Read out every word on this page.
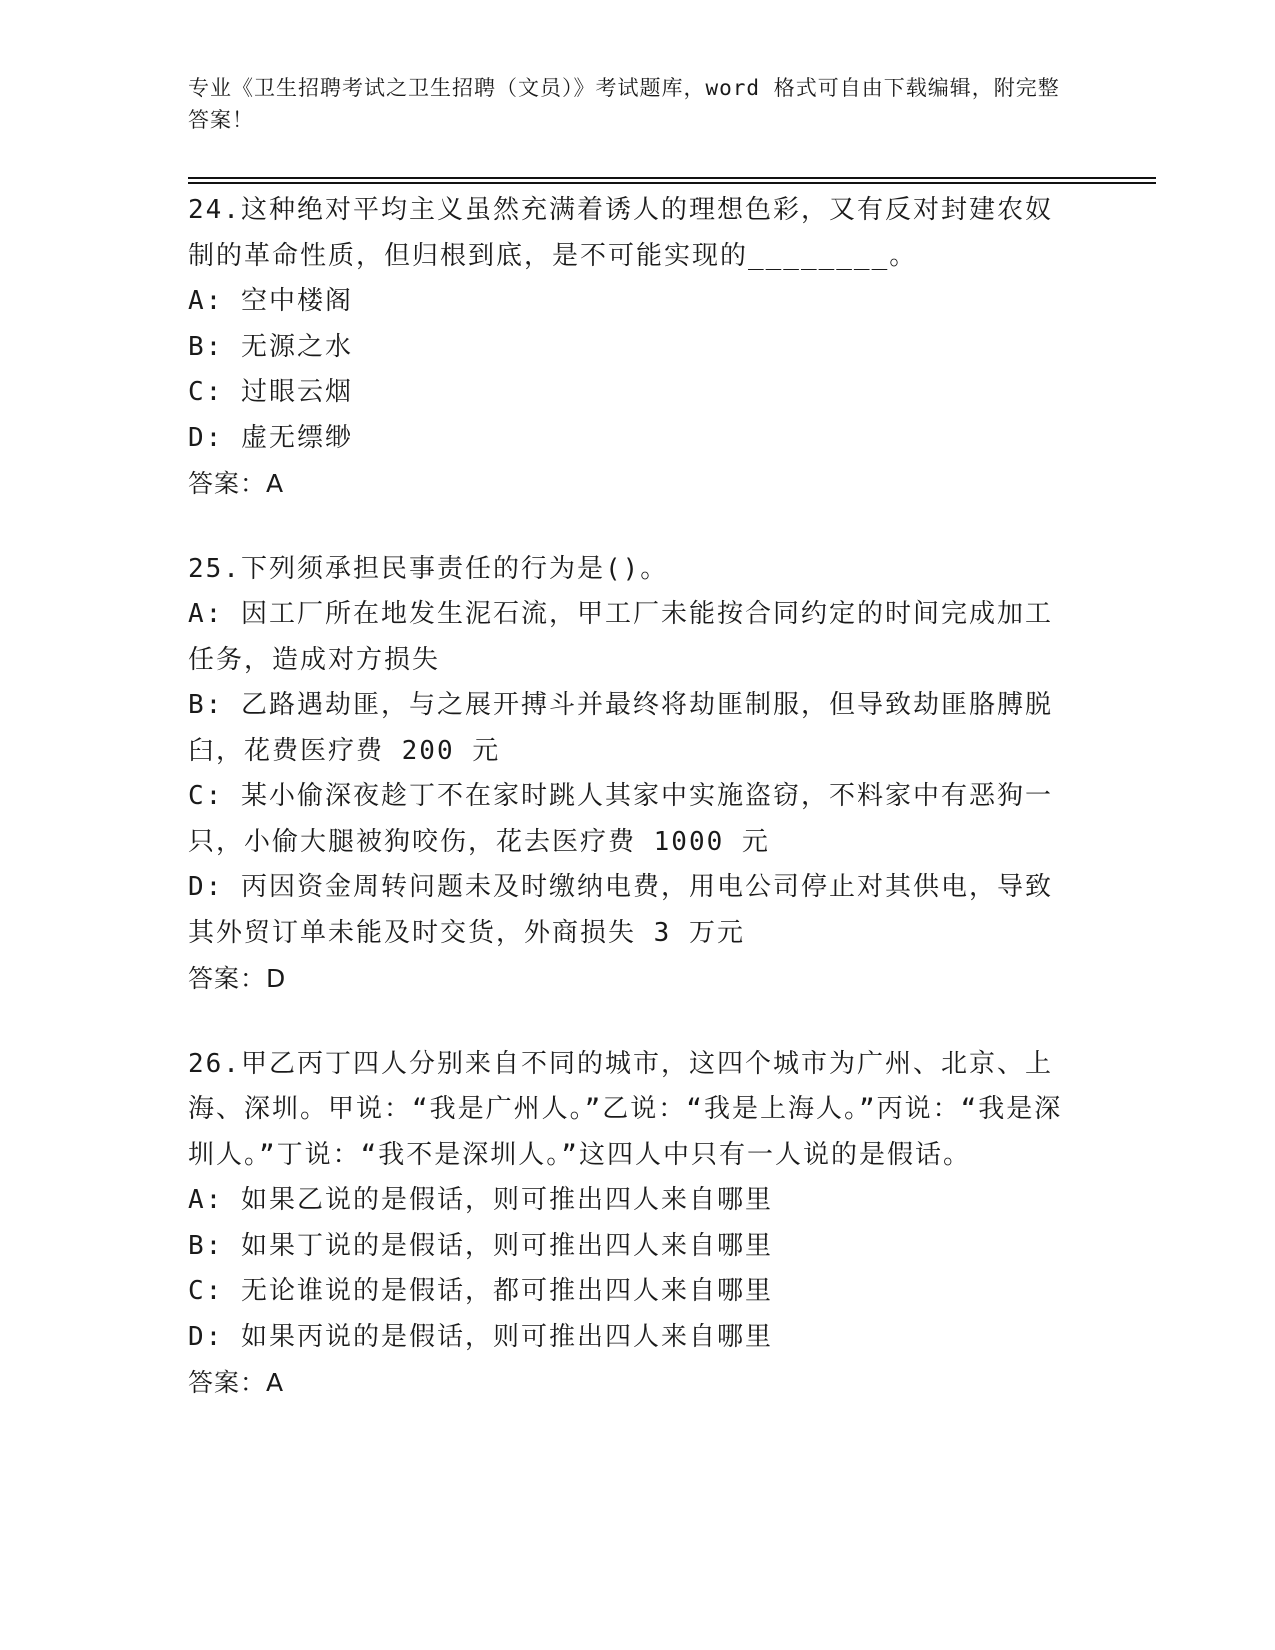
专业《卫生招聘考试之卫生招聘（文员）》考试题库，word 格式可自由下载编辑，附完整答案！
24.这种绝对平均主义虽然充满着诱人的理想色彩，又有反对封建农奴制的革命性质，但归根到底，是不可能实现的________。
A: 空中楼阁
B: 无源之水
C: 过眼云烟
D: 虚无缥缈
答案：A
25.下列须承担民事责任的行为是()。
A: 因工厂所在地发生泥石流，甲工厂未能按合同约定的时间完成加工任务，造成对方损失
B: 乙路遇劫匪，与之展开搏斗并最终将劫匪制服，但导致劫匪胳膊脱臼，花费医疗费 200 元
C: 某小偷深夜趁丁不在家时跳人其家中实施盗窃，不料家中有恶狗一只，小偷大腿被狗咬伤，花去医疗费 1000 元
D: 丙因资金周转问题未及时缴纳电费，用电公司停止对其供电，导致其外贸订单未能及时交货，外商损失 3 万元
答案：D
26.甲乙丙丁四人分别来自不同的城市，这四个城市为广州、北京、上海、深圳。甲说：“我是广州人。”乙说：“我是上海人。”丙说：“我是深圳人。”丁说：“我不是深圳人。”这四人中只有一人说的是假话。
A: 如果乙说的是假话，则可推出四人来自哪里
B: 如果丁说的是假话，则可推出四人来自哪里
C: 无论谁说的是假话，都可推出四人来自哪里
D: 如果丙说的是假话，则可推出四人来自哪里
答案：A
